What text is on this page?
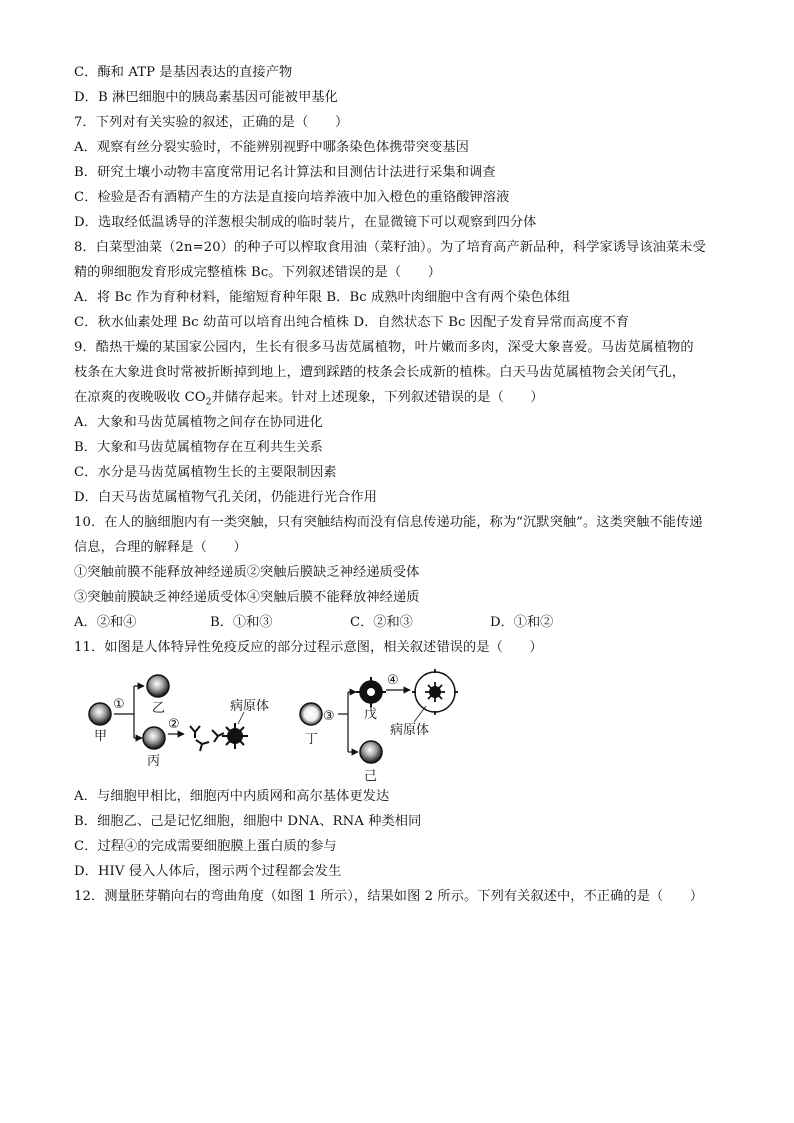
C．酶和 ATP 是基因表达的直接产物
D．B 淋巴细胞中的胰岛素基因可能被甲基化
7．下列对有关实验的叙述，正确的是（　　）
A．观察有丝分裂实验时，不能辨别视野中哪条染色体携带突变基因
B．研究土壤小动物丰富度常用记名计算法和目测估计法进行采集和调查
C．检验是否有酒精产生的方法是直接向培养液中加入橙色的重铬酸钾溶液
D．选取经低温诱导的洋葱根尖制成的临时装片，在显微镜下可以观察到四分体
8．白菜型油菜（2n=20）的种子可以榨取食用油（菜籽油）。为了培育高产新品种，科学家诱导该油菜未受
精的卵细胞发育形成完整植株 Bc。下列叙述错误的是（　　）
A．将 Bc 作为育种材料，能缩短育种年限 B．Bc 成熟叶肉细胞中含有两个染色体组
C．秋水仙素处理 Bc 幼苗可以培育出纯合植株 D．自然状态下 Bc 因配子发育异常而高度不育
9．酷热干燥的某国家公园内，生长有很多马齿苋属植物，叶片嫩而多肉，深受大象喜爱。马齿苋属植物的
枝条在大象进食时常被折断掉到地上，遭到踩踏的枝条会长成新的植株。白天马齿苋属植物会关闭气孔，
在凉爽的夜晚吸收 $CO_2$并储存起来。针对上述现象，下列叙述错误的是（　　）
A．大象和马齿苋属植物之间存在协同进化
B．大象和马齿苋属植物存在互利共生关系
C．水分是马齿苋属植物生长的主要限制因素
D．白天马齿苋属植物气孔关闭，仍能进行光合作用
10．在人的脑细胞内有一类突触，只有突触结构而没有信息传递功能，称为“沉默突触”。这类突触不能传递
信息，合理的解释是（　　）
①突触前膜不能释放神经递质②突触后膜缺乏神经递质受体
③突触前膜缺乏神经递质受体④突触后膜不能释放神经递质
A．②和④	B．①和③	C．②和③	D．①和②
11．如图是人体特异性免疫反应的部分过程示意图，相关叙述错误的是（　　）
甲
① 乙
丙
②
病原体
丁
③ 戊
④
病原体
己
A．与细胞甲相比，细胞丙中内质网和高尔基体更发达
B．细胞乙、己是记忆细胞，细胞中 DNA、RNA 种类相同
C．过程④的完成需要细胞膜上蛋白质的参与
D．HIV 侵入人体后，图示两个过程都会发生
12．测量胚芽鞘向右的弯曲角度（如图 1 所示），结果如图 2 所示。下列有关叙述中，不正确的是（　　）
